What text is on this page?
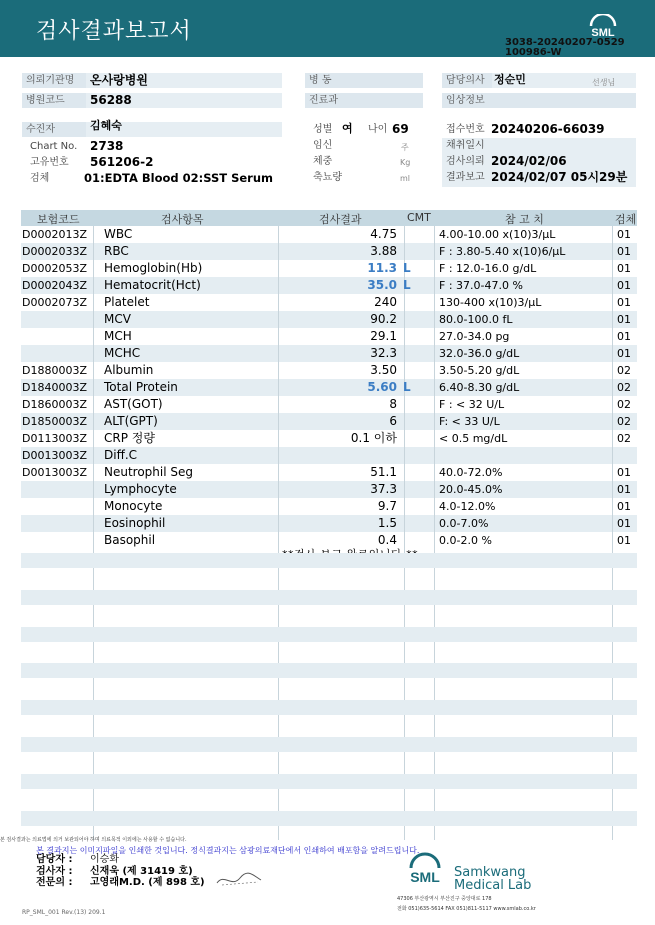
검사결과보고서	SML
3038-20240207-0529
100986-W
의뢰기관명	온사랑병원
병원코드	56288
병 동
진료과
담당의사 정순민	선생님
임상정보
수진자	김혜숙
Chart No. 2738
고유번호 561206-2
검체	01:EDTA Blood 02:SST Serum
성별 여 나이 69
임신	주
체중	Kg
축뇨량	ml
접수번호 20240206-66039
채취일시
검사의뢰 2024/02/06
결과보고 2024/02/07 05시29분
보험코드	검사항목	검사결과	CMT	참 고 치	검체
D0002013Z WBC	4.75	4.00-10.00 x(10)3/μL	01
D0002033Z RBC	3.88	F : 3.80-5.40 x(10)6/μL	01
D0002053Z Hemoglobin(Hb)	11.3 L	F : 12.0-16.0 g/dL	01
D0002043Z Hematocrit(Hct)	35.0 L	F : 37.0-47.0 %	01
D0002073Z Platelet	240	130-400 x(10)3/μL	01
MCV	90.2	80.0-100.0 fL	01
MCH	29.1	27.0-34.0 pg	01
MCHC	32.3	32.0-36.0 g/dL	01
D1880003Z Albumin	3.50	3.50-5.20 g/dL	02
D1840003Z Total Protein	5.60 L	6.40-8.30 g/dL	02
D1860003Z AST(GOT)	8	F : < 32 U/L	02
D1850003Z ALT(GPT)	6	F: < 33 U/L	02
D0113003Z CRP 정량	0.1 이하	< 0.5 mg/dL	02
D0013003Z Diff.C
D0013003Z Neutrophil Seg	51.1	40.0-72.0%	01
Lymphocyte	37.3	20.0-45.0%	01
Monocyte	9.7	4.0-12.0%	01
Eosinophil	1.5	0.0-7.0%	01
Basophil	0.4	0.0-2.0 %	01
본 검사결과는 의료법에 의거 보관되어야 하며 의료목적 이외에는 사용할 수 없습니다.
본 결과지는 이미지파일을 인쇄한 것입니다. 정식결과지는 삼광의료재단에서 인쇄하여 배포함을 알려드립니다.
담당자 : 이승화
검사자 : 신재욱 (제 31419 호)
전문의 : 고영래M.D. (제 898 호)	SML Samkwang
Medical Lab
47306 부산광역시 부산진구 중앙대로 178
전화 051)635-5614 FAX 051)811-5117 www.smlab.co.kr
RP_SML_001 Rev.(13) 209.1
